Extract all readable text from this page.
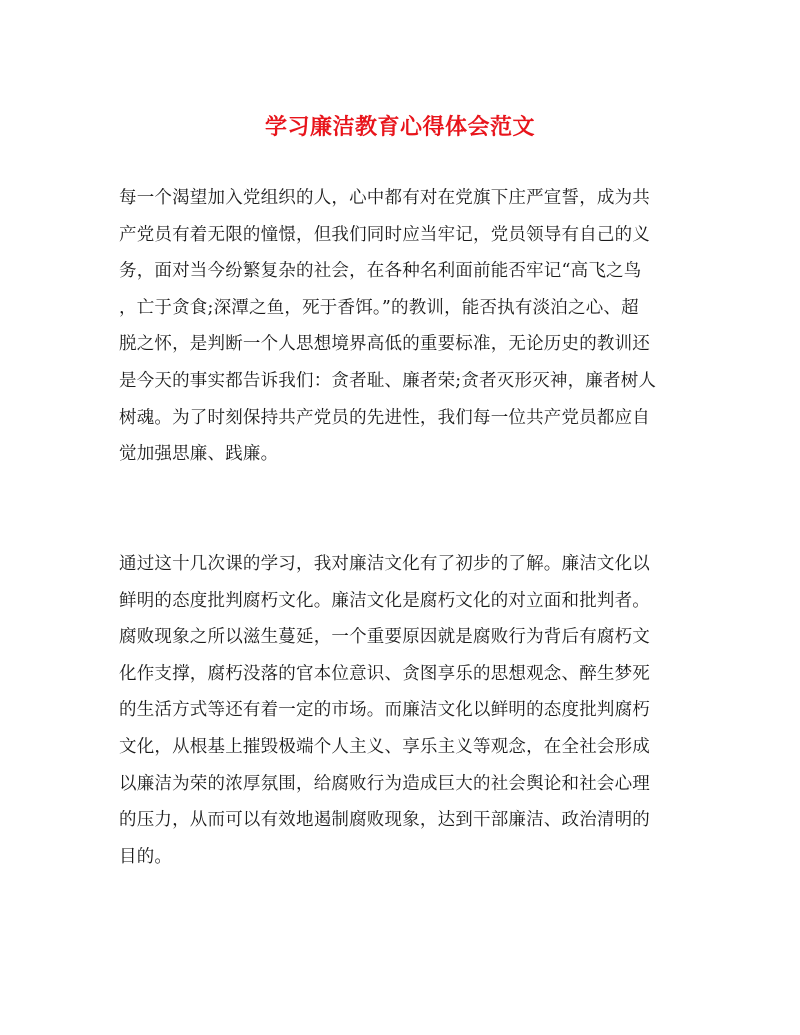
学习廉洁教育心得体会范文
每一个渴望加入党组织的人，心中都有对在党旗下庄严宣誓，成为共
产党员有着无限的憧憬，但我们同时应当牢记，党员领导有自己的义
务，面对当今纷繁复杂的社会，在各种名利面前能否牢记“高飞之鸟
，亡于贪食;深潭之鱼，死于香饵。”的教训，能否执有淡泊之心、超
脱之怀，是判断一个人思想境界高低的重要标准，无论历史的教训还
是今天的事实都告诉我们：贪者耻、廉者荣;贪者灭形灭神，廉者树人
树魂。为了时刻保持共产党员的先进性，我们每一位共产党员都应自
觉加强思廉、践廉。
通过这十几次课的学习，我对廉洁文化有了初步的了解。廉洁文化以
鲜明的态度批判腐朽文化。廉洁文化是腐朽文化的对立面和批判者。
腐败现象之所以滋生蔓延，一个重要原因就是腐败行为背后有腐朽文
化作支撑，腐朽没落的官本位意识、贪图享乐的思想观念、醉生梦死
的生活方式等还有着一定的市场。而廉洁文化以鲜明的态度批判腐朽
文化，从根基上摧毁极端个人主义、享乐主义等观念，在全社会形成
以廉洁为荣的浓厚氛围，给腐败行为造成巨大的社会舆论和社会心理
的压力，从而可以有效地遏制腐败现象，达到干部廉洁、政治清明的
目的。
